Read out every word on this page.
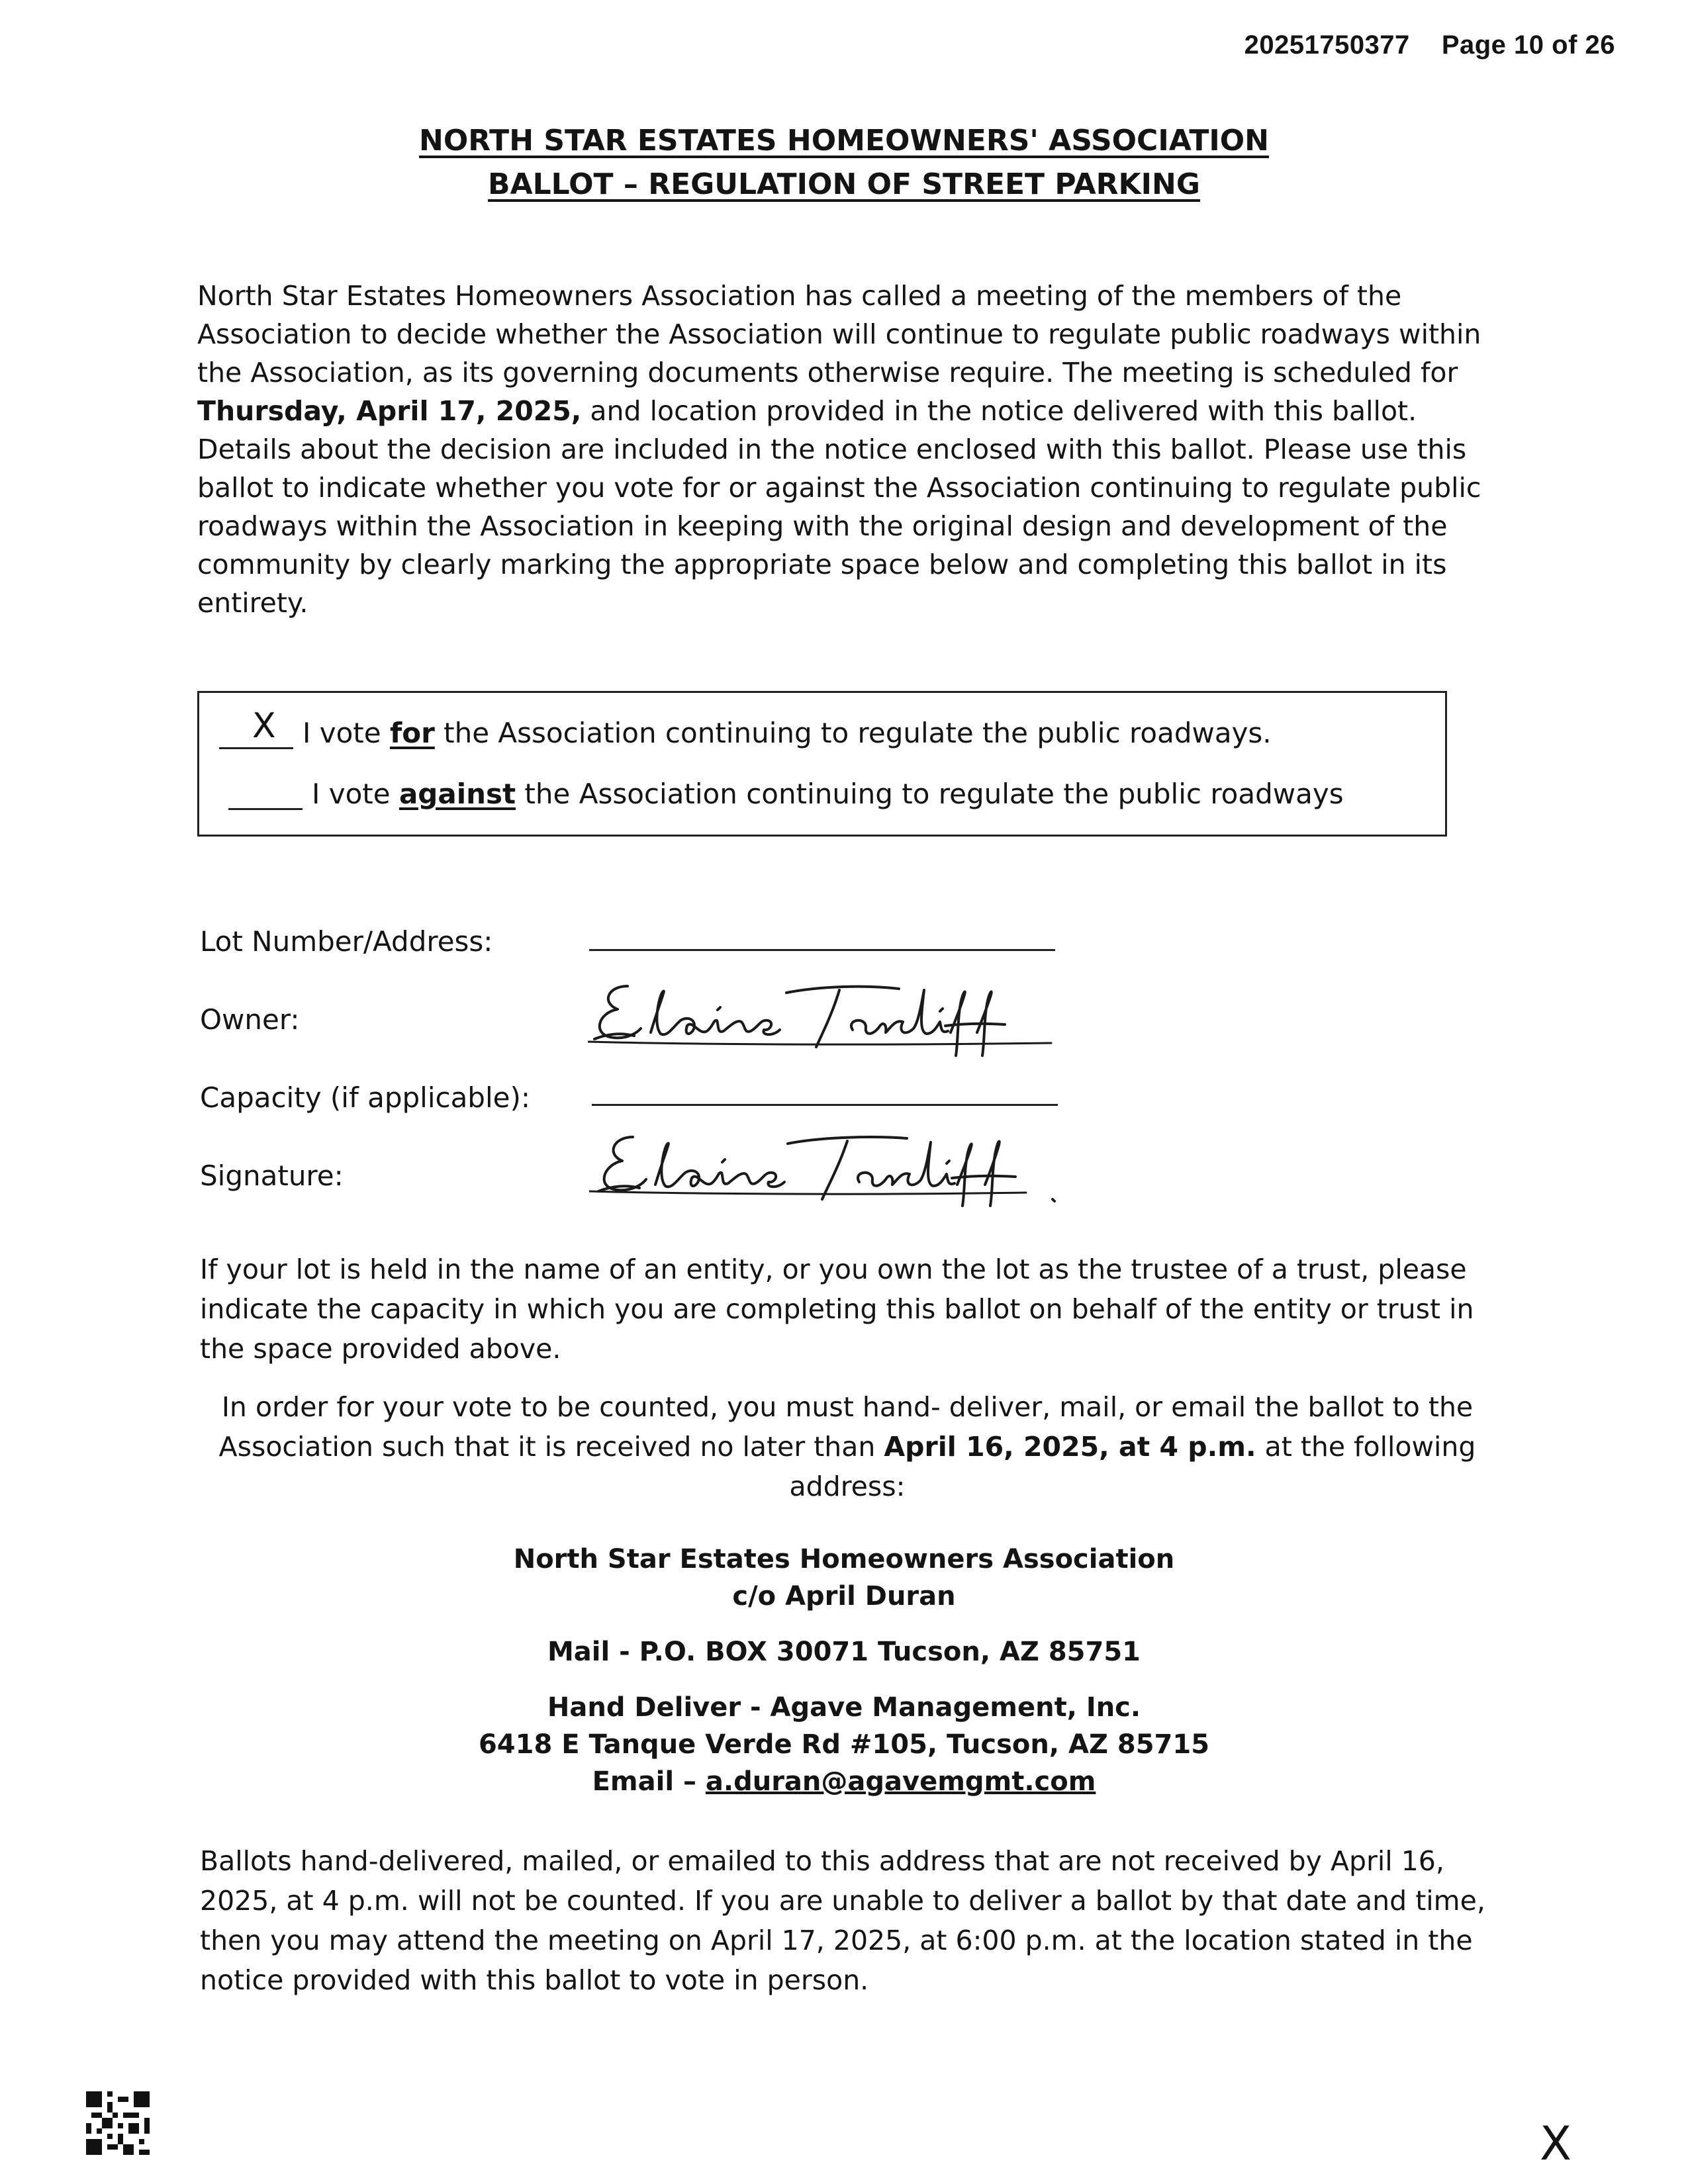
20251750377 Page 10 of 26
NORTH STAR ESTATES HOMEOWNERS' ASSOCIATION
BALLOT – REGULATION OF STREET PARKING
North Star Estates Homeowners Association has called a meeting of the members of the Association to decide whether the Association will continue to regulate public roadways within the Association, as its governing documents otherwise require. The meeting is scheduled for Thursday, April 17, 2025, and location provided in the notice delivered with this ballot. Details about the decision are included in the notice enclosed with this ballot. Please use this ballot to indicate whether you vote for or against the Association continuing to regulate public roadways within the Association in keeping with the original design and development of the community by clearly marking the appropriate space below and completing this ballot in its entirety.
X I vote for the Association continuing to regulate the public roadways.
I vote against the Association continuing to regulate the public roadways
Lot Number/Address:
Owner:
Capacity (if applicable):
Signature:
If your lot is held in the name of an entity, or you own the lot as the trustee of a trust, please indicate the capacity in which you are completing this ballot on behalf of the entity or trust in the space provided above.
In order for your vote to be counted, you must hand- deliver, mail, or email the ballot to the Association such that it is received no later than April 16, 2025, at 4 p.m. at the following address:
North Star Estates Homeowners Association
c/o April Duran
Mail - P.O. BOX 30071 Tucson, AZ 85751
Hand Deliver - Agave Management, Inc.
6418 E Tanque Verde Rd #105, Tucson, AZ 85715
Email – a.duran@agavemgmt.com
Ballots hand-delivered, mailed, or emailed to this address that are not received by April 16, 2025, at 4 p.m. will not be counted. If you are unable to deliver a ballot by that date and time, then you may attend the meeting on April 17, 2025, at 6:00 p.m. at the location stated in the notice provided with this ballot to vote in person.
X
